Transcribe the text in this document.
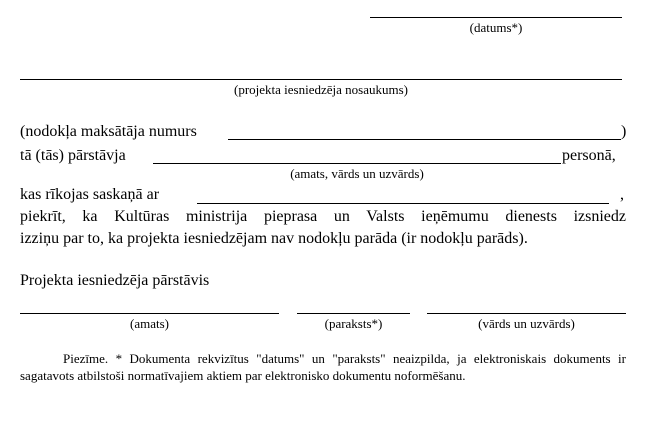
(datums*)
(projekta iesniedzēja nosaukums)
(nodokļa maksātāja numurs	)
tā (tās) pārstāvja	personā,
(amats, vārds un uzvārds)
kas rīkojas saskaņā ar	,
piekrīt, ka Kultūras ministrija pieprasa un Valsts ieņēmumu dienests izsniedz
izziņu par to, ka projekta iesniedzējam nav nodokļu parāda (ir nodokļu parāds).
Projekta iesniedzēja pārstāvis
(amats)	(paraksts*)	(vārds un uzvārds)
Piezīme. * Dokumenta rekvizītus "datums" un "paraksts" neaizpilda, ja elektroniskais dokuments ir sagatavots atbilstoši normatīvajiem aktiem par elektronisko dokumentu noformēšanu.
